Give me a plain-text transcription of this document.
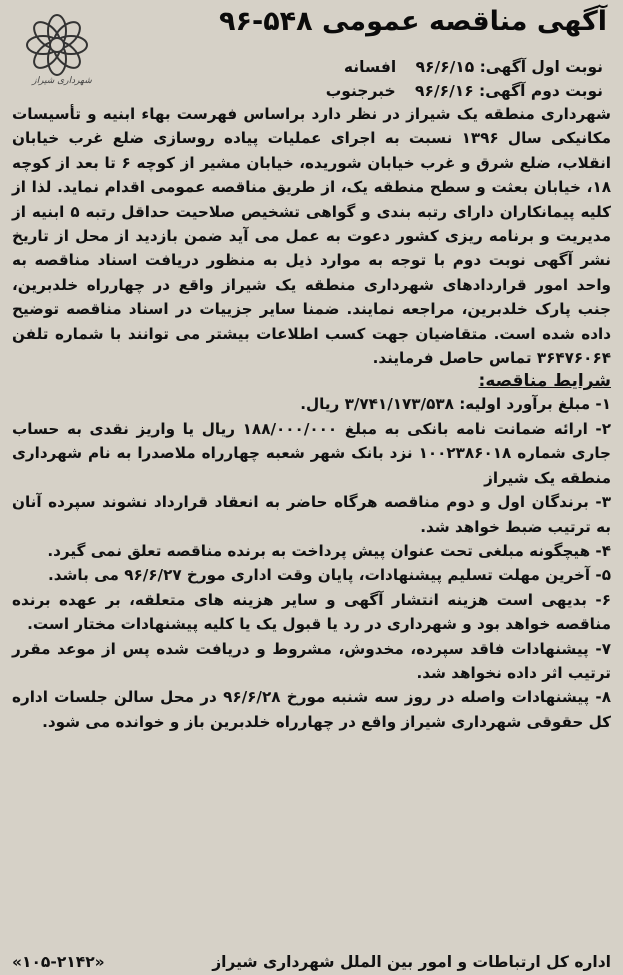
آگهی مناقصه عمومی ۵۴۸-۹۶
نوبت اول آگهی: ۹۶/۶/۱۵ افسانه
نوبت دوم آگهی: ۹۶/۶/۱۶ خبرجنوب
شهرداری شیراز
شهرداری منطقه یک شیراز در نظر دارد براساس فهرست بهاء ابنیه و تأسیسات مکانیکی سال ۱۳۹۶ نسبت به اجرای عملیات پیاده روسازی ضلع غرب خیابان انقلاب، ضلع شرق و غرب خیابان شوریده، خیابان مشیر از کوچه ۶ تا بعد از کوچه ۱۸، خیابان بعثت و سطح منطقه یک، از طریق مناقصه عمومی اقدام نماید. لذا از کلیه پیمانکاران دارای رتبه بندی و گواهی تشخیص صلاحیت حداقل رتبه ۵ ابنیه از مدیریت و برنامه ریزی کشور دعوت به عمل می آید ضمن بازدید از محل از تاریخ نشر آگهی نوبت دوم با توجه به موارد ذیل به منظور دریافت اسناد مناقصه به واحد امور قراردادهای شهرداری منطقه یک شیراز واقع در چهارراه خلدبرین، جنب پارک خلدبرین، مراجعه نمایند. ضمنا سایر جزییات در اسناد مناقصه توضیح داده شده است. متقاضیان جهت کسب اطلاعات بیشتر می توانند با شماره تلفن ۳۶۴۷۶۰۶۴ تماس حاصل فرمایند.
شرایط مناقصه:
۱- مبلغ برآورد اولیه: ۳/۷۴۱/۱۷۳/۵۳۸ ریال.
۲- ارائه ضمانت نامه بانکی به مبلغ ۱۸۸/۰۰۰/۰۰۰ ریال یا واریز نقدی به حساب جاری شماره ۱۰۰۲۳۸۶۰۱۸ نزد بانک شهر شعبه چهارراه ملاصدرا به نام شهرداری منطقه یک شیراز
۳- برندگان اول و دوم مناقصه هرگاه حاضر به انعقاد قرارداد نشوند سپرده آنان به ترتیب ضبط خواهد شد.
۴- هیچگونه مبلغی تحت عنوان پیش پرداخت به برنده مناقصه تعلق نمی گیرد.
۵- آخرین مهلت تسلیم پیشنهادات، پایان وقت اداری مورخ ۹۶/۶/۲۷ می باشد.
۶- بدیهی است هزینه انتشار آگهی و سایر هزینه های متعلقه، بر عهده برنده مناقصه خواهد بود و شهرداری در رد یا قبول یک یا کلیه پیشنهادات مختار است.
۷- پیشنهادات فاقد سپرده، مخدوش، مشروط و دریافت شده پس از موعد مقرر ترتیب اثر داده نخواهد شد.
۸- پیشنهادات واصله در روز سه شنبه مورخ ۹۶/۶/۲۸ در محل سالن جلسات اداره کل حقوقی شهرداری شیراز واقع در چهارراه خلدبرین باز و خوانده می شود.
اداره کل ارتباطات و امور بین الملل شهرداری شیراز
«۱۰۵-۲۱۴۲»
